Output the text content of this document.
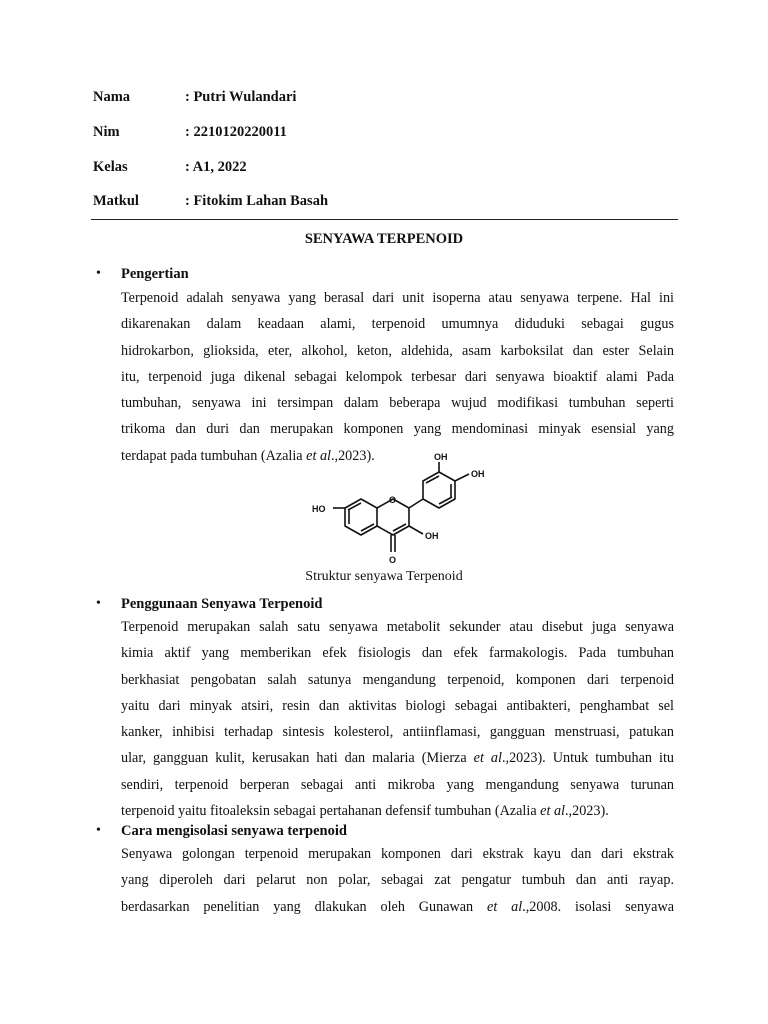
Nama	: Putri Wulandari
Nim	: 2210120220011
Kelas	: A1, 2022
Matkul	: Fitokim Lahan Basah
SENYAWA TERPENOID
• Pengertian
Terpenoid adalah senyawa yang berasal dari unit isoperna atau senyawa terpene. Hal ini
dikarenakan dalam keadaan alami, terpenoid umumnya diduduki sebagai gugus
hidrokarbon, glioksida, eter, alkohol, keton, aldehida, asam karboksilat dan ester Selain
itu, terpenoid juga dikenal sebagai kelompok terbesar dari senyawa bioaktif alami Pada
tumbuhan, senyawa ini tersimpan dalam beberapa wujud modifikasi tumbuhan seperti
trikoma dan duri dan merupakan komponen yang mendominasi minyak esensial yang
terdapat pada tumbuhan (Azalia et al.,2023).
HO
OH
OH
OH
O
O
Struktur senyawa Terpenoid
• Penggunaan Senyawa Terpenoid
Terpenoid merupakan salah satu senyawa metabolit sekunder atau disebut juga senyawa
kimia aktif yang memberikan efek fisiologis dan efek farmakologis. Pada tumbuhan
berkhasiat pengobatan salah satunya mengandung terpenoid, komponen dari terpenoid
yaitu dari minyak atsiri, resin dan aktivitas biologi sebagai antibakteri, penghambat sel
kanker, inhibisi terhadap sintesis kolesterol, antiinflamasi, gangguan menstruasi, patukan
ular, gangguan kulit, kerusakan hati dan malaria (Mierza et al.,2023). Untuk tumbuhan itu
sendiri, terpenoid berperan sebagai anti mikroba yang mengandung senyawa turunan
terpenoid yaitu fitoaleksin sebagai pertahanan defensif tumbuhan (Azalia et al.,2023).
• Cara mengisolasi senyawa terpenoid
Senyawa golongan terpenoid merupakan komponen dari ekstrak kayu dan dari ekstrak
yang diperoleh dari pelarut non polar, sebagai zat pengatur tumbuh dan anti rayap.
berdasarkan penelitian yang dlakukan oleh Gunawan et al.,2008. isolasi senyawa
